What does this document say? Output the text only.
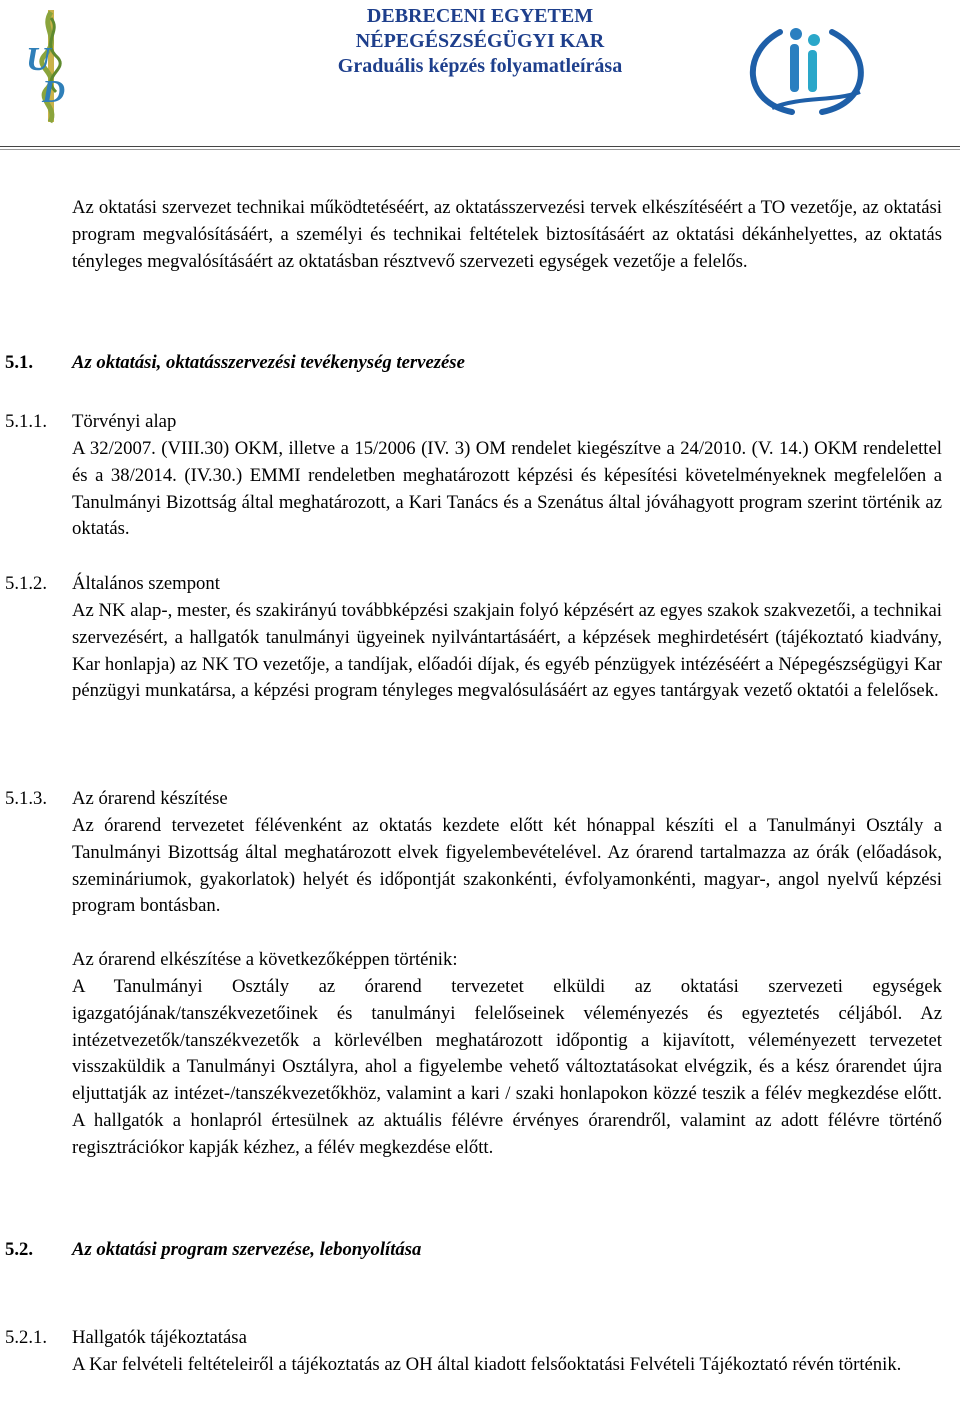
U
D
DEBRECENI EGYETEM
NÉPEGÉSZSÉGÜGYI KAR
Graduális képzés folyamatleírása
Az oktatási szervezet technikai működtetéséért, az oktatásszervezési tervek elkészítéséért a TO vezetője, az oktatási program megvalósításáért, a személyi és technikai feltételek biztosításáért az oktatási dékánhelyettes, az oktatás tényleges megvalósításáért az oktatásban résztvevő szervezeti egységek vezetője a felelős.
5.1. Az oktatási, oktatásszervezési tevékenység tervezése
5.1.1. Törvényi alap
A 32/2007. (VIII.30) OKM, illetve a 15/2006 (IV. 3) OM rendelet kiegészítve a 24/2010. (V. 14.) OKM rendelettel és a 38/2014. (IV.30.) EMMI rendeletben meghatározott képzési és képesítési követelményeknek megfelelően a Tanulmányi Bizottság által meghatározott, a Kari Tanács és a Szenátus által jóváhagyott program szerint történik az oktatás.
5.1.2. Általános szempont
Az NK alap-, mester, és szakirányú továbbképzési szakjain folyó képzésért az egyes szakok szakvezetői, a technikai szervezésért, a hallgatók tanulmányi ügyeinek nyilvántartásáért, a képzések meghirdetésért (tájékoztató kiadvány, Kar honlapja) az NK TO vezetője, a tandíjak, előadói díjak, és egyéb pénzügyek intézéséért a Népegészségügyi Kar pénzügyi munkatársa, a képzési program tényleges megvalósulásáért az egyes tantárgyak vezető oktatói a felelősek.
5.1.3. Az órarend készítése
Az órarend tervezetet félévenként az oktatás kezdete előtt két hónappal készíti el a Tanulmányi Osztály a Tanulmányi Bizottság által meghatározott elvek figyelembevételével. Az órarend tartalmazza az órák (előadások, szemináriumok, gyakorlatok) helyét és időpontját szakonkénti, évfolyamonkénti, magyar-, angol nyelvű képzési program bontásban.
Az órarend elkészítése a következőképpen történik:
A Tanulmányi Osztály az órarend tervezetet elküldi az oktatási szervezeti egységek igazgatójának/tanszékvezetőinek és tanulmányi felelőseinek véleményezés és egyeztetés céljából. Az intézetvezetők/tanszékvezetők a körlevélben meghatározott időpontig a kijavított, véleményezett tervezetet visszaküldik a Tanulmányi Osztályra, ahol a figyelembe vehető változtatásokat elvégzik, és a kész órarendet újra eljuttatják az intézet-/tanszékvezetőkhöz, valamint a kari / szaki honlapokon közzé teszik a félév megkezdése előtt. A hallgatók a honlapról értesülnek az aktuális félévre érvényes órarendről, valamint az adott félévre történő regisztrációkor kapják kézhez, a félév megkezdése előtt.
5.2. Az oktatási program szervezése, lebonyolítása
5.2.1. Hallgatók tájékoztatása
A Kar felvételi feltételeiről a tájékoztatás az OH által kiadott felsőoktatási Felvételi Tájékoztató révén történik.
